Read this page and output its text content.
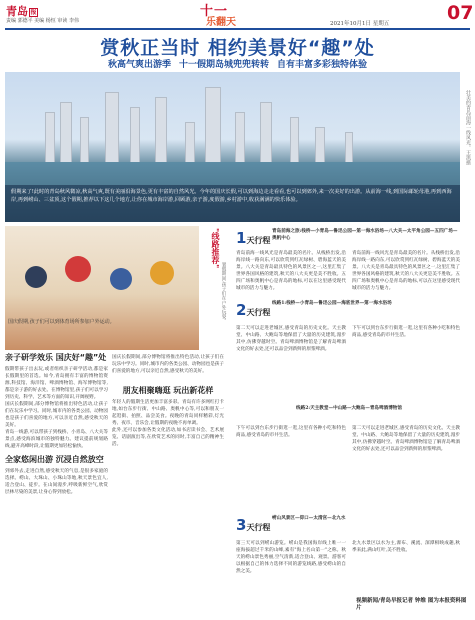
青岛 报
责编 郭德平 美编 杨恒 审读 李伟
十一
乐翻天	2021年10月1日 星期五	07
赏秋正当时 相约美景好“趣”处
秋高气爽出游季 十一假期岛城兜兜转转 自有丰富多彩独特体验
假期来了!此时的青岛秋风微凉,秋高气爽,既有美丽沿海景色,更有丰富的自然风光。今年的国庆长假,可以到海边走走看看,也可以到郊外,来一次美好的出游。从前海一线,到国际邮轮母港,再到西海岸,再到崂山、三盆顶,这个假期,推荐以下这几个地方,让你在城市海岸游,回顾游,亲子游,度假游,乡村游中,收获满满的快乐体验。
壮美的青岛前海一线风光。王凯摄
国庆假期,孩子们可以到体育场所参加户外运动。
"线路推荐"
暑假期间,孩子们在户外玩耍。
亲子研学效乐 国庆好“趣”处

假期带孩子出去玩,或者组织亲子研学活动,都是家长假期里的首选。如今,青岛拥有丰富的博物馆资源,科技馆、海洋馆、啤酒博物馆、海军博物馆等,都是亲子游的好去处。在博物馆里,孩子们可以学习到历史、科学、艺术等方面的知识,开阔视野。

国庆长假期间,部分博物馆将推出特色活动,让孩子们在玩乐中学习。同时,城市内的各类公园、动物园也是孩子们喜爱的地方,可以亲近自然,感受秋天的美好。

青岛一线游,可以带孩子到栈桥、小青岛、八大关等景点,感受海滨城市的独特魅力。建议提前规划路线,避开高峰时段,让假期更加轻松愉快。

全家悠闲出游 沉浸自然放空

到郊外去,走进自然,感受秋天的气息,是很多家庭的选择。崂山、大珠山、小珠山等地,秋天景色宜人,适合登山、徒步。在山间漫步,呼吸新鲜空气,欣赏层林尽染的美景,让身心得到放松。

国庆长假期间,部分博物馆将推出特色活动,让孩子们在玩乐中学习。同时,城市内的各类公园、动物园也是孩子们喜爱的地方,可以亲近自然,感受秋天的美好。

朋友相聚嗨逛 玩出新花样

年轻人的假期生活更加丰富多彩。青岛有许多网红打卡地,如台东步行街、中山路、奥帆中心等,可以和朋友一起逛街、拍照、品尝美食。夜晚的青岛同样精彩,灯光秀、夜市、音乐会,让假期的夜晚不再单调。

此外,还可以参加各类文化活动,如书店读书会、艺术展览、话剧演出等,在欣赏艺术的同时,丰富自己的精神生活。

1天行程
青岛前海之旅:栈桥—小青岛—鲁迅公园—第一海水浴场—八大关—太平角公园—五四广场—奥帆中心
青岛前海一线风光是青岛最美的名片。从栈桥出发,沿海岸线一路向东,可以欣赏到红瓦绿树、碧海蓝天的美景。八大关是青岛最具特色的风景区之一,这里汇集了世界各国风格的建筑,秋天的八大关更是美不胜收。五四广场和奥帆中心是青岛的地标,可以在这里感受现代城市的活力与魅力。
青岛前海一线风光是青岛最美的名片。从栈桥出发,沿海岸线一路向东,可以欣赏到红瓦绿树、碧海蓝天的美景。八大关是青岛最具特色的风景区之一,这里汇集了世界各国风格的建筑,秋天的八大关更是美不胜收。五四广场和奥帆中心是青岛的地标,可以在这里感受现代城市的活力与魅力。
2天行程
线路1:栈桥—小青岛—鲁迅公园—海底世界—第一海水浴场
第二天可以走进老城区,感受青岛的历史文化。天主教堂、中山路、大鲍岛等地保留了大量的历史建筑,漫步其中,仿佛穿越时空。青岛啤酒博物馆是了解青岛啤酒文化的好去处,还可以品尝到新鲜的原浆啤酒。
下午可以到台东步行街逛一逛,这里有各种小吃和特色商品,感受青岛的市井生活。
线路2:天主教堂—中山路—大鲍岛—青岛啤酒博物馆
下午可以到台东步行街逛一逛,这里有各种小吃和特色商品,感受青岛的市井生活。
第二天可以走进老城区,感受青岛的历史文化。天主教堂、中山路、大鲍岛等地保留了大量的历史建筑,漫步其中,仿佛穿越时空。青岛啤酒博物馆是了解青岛啤酒文化的好去处,还可以品尝到新鲜的原浆啤酒。
3天行程
崂山风景区—仰口—太清宫—北九水
第三天可以到崂山游览。崂山是我国海岸线上唯一一座海拔超过千米的山峰,素有"海上名山第一"之称。秋天的崂山景色秀丽,空气清新,适合登山、观景。游客可以根据自己的体力选择不同的游览线路,感受崂山的自然之美。
北九水景区以水为主,瀑布、溪流、深潭相映成趣,秋季来此,满山红叶,美不胜收。
视频新闻/青岛早报记者 钟维 图为本报资料图片
